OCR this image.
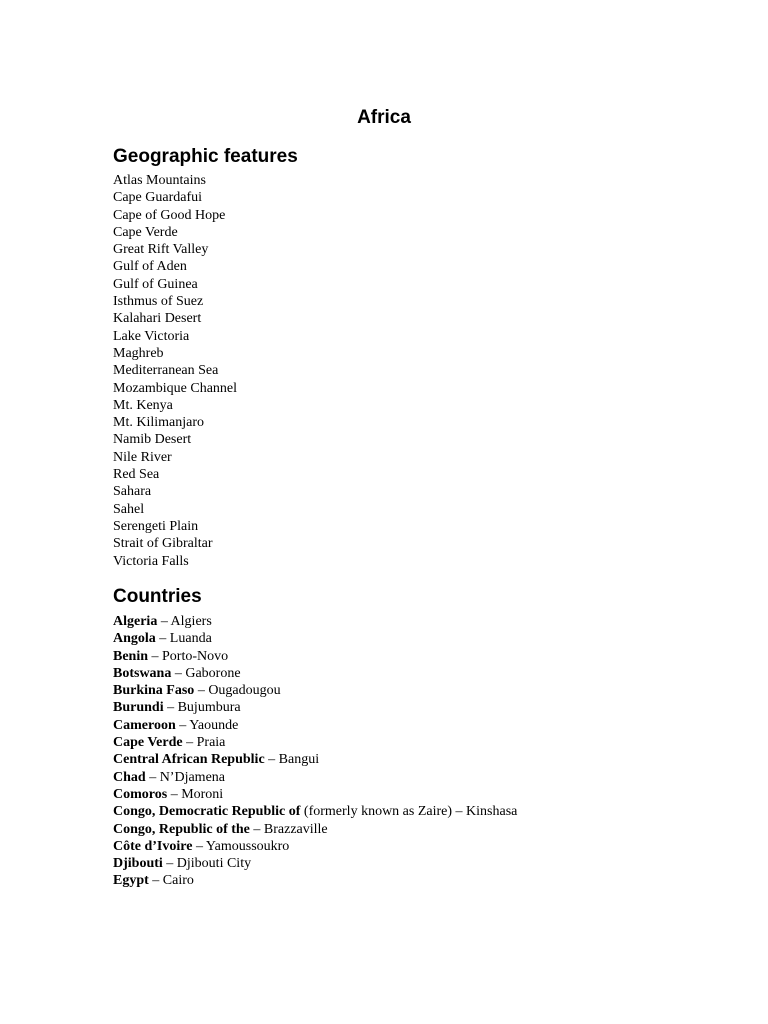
Africa
Geographic features
Atlas Mountains
Cape Guardafui
Cape of Good Hope
Cape Verde
Great Rift Valley
Gulf of Aden
Gulf of Guinea
Isthmus of Suez
Kalahari Desert
Lake Victoria
Maghreb
Mediterranean Sea
Mozambique Channel
Mt. Kenya
Mt. Kilimanjaro
Namib Desert
Nile River
Red Sea
Sahara
Sahel
Serengeti Plain
Strait of Gibraltar
Victoria Falls
Countries
Algeria – Algiers
Angola – Luanda
Benin – Porto-Novo
Botswana – Gaborone
Burkina Faso – Ougadougou
Burundi – Bujumbura
Cameroon – Yaounde
Cape Verde – Praia
Central African Republic – Bangui
Chad – N’Djamena
Comoros – Moroni
Congo, Democratic Republic of (formerly known as Zaire) – Kinshasa
Congo, Republic of the – Brazzaville
Côte d’Ivoire – Yamoussoukro
Djibouti – Djibouti City
Egypt – Cairo
